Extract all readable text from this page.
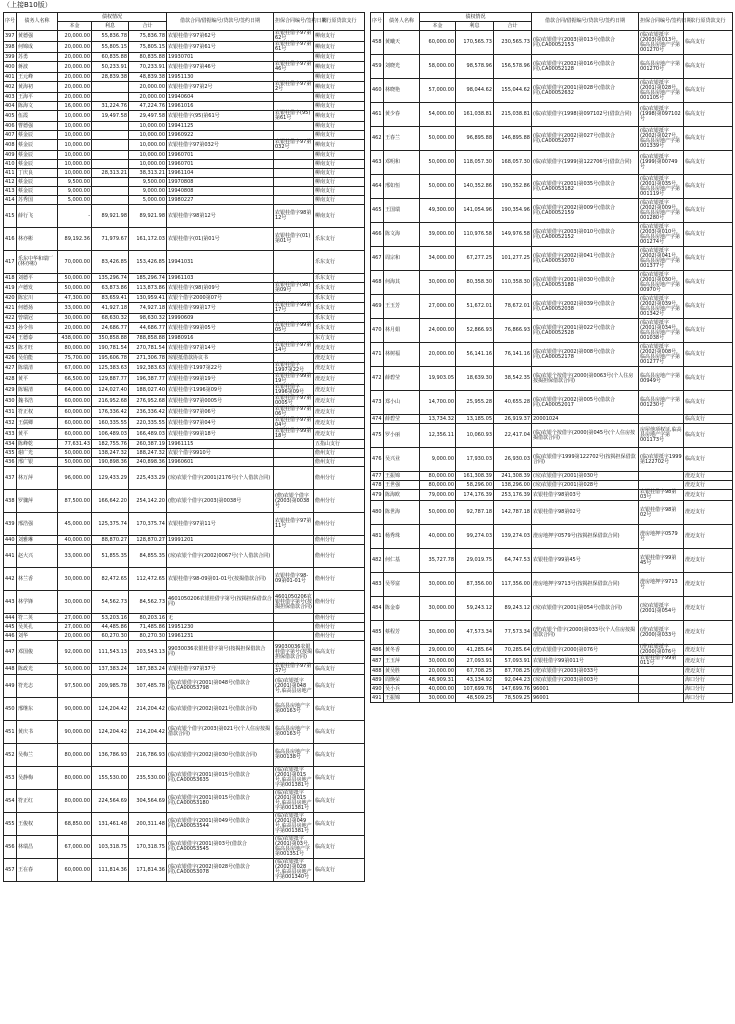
（上接B10版）
序号	债务人名称	债权情况			借款合同/借据编号/贷款号/签约日期	担保合同编号/签约日期	农行原贷款支行
		本金	利息	合计			
397	黄德强	20,000.00	55,836.78	75,836.78	农银桂借字97第62号	农银桂借字97第62号	柳南支行
398	何锦成	20,000.00	55,805.15	75,805.15	农银桂借字97第61号	农银桂借字97第61号	柳南支行
399	苏勇	20,000.00	60,835.88	80,835.88	19930701		柳南支行
400	蒋波	20,000.00	50,233.91	70,233.91	农银桂借字97第46号	农银桂借字97第46号	柳南支行
401	王元峰	20,000.00	28,839.38	48,839.38	19951130		柳南支行
402	黄海初	20,000.00		20,000.00	农银桂借字97第2号	农银桂借字97第2号	柳南支行
403	王海平	20,000.00		20,000.00	19940604		柳南支行
404	陈海文	16,000.00	31,224.76	47,224.76	19961016		柳南支行
405	伍霞	10,000.00	19,497.58	29,497.58	农银桂借字(95)第61号	农银桂借字(95)第61号	柳南支行
406	曹德强	10,000.00		10,000.00	19941125		柳南支行
407	蔡金辰	10,000.00		10,000.00	19960922		柳南支行
408	蔡金辰	10,000.00		10,000.00	农银桂借字97第032号	农银桂借字97第032号	柳南支行
409	蔡金辰	10,000.00		10,000.00	19960701		柳南支行
410	蔡金辰	10,000.00		10,000.00	19960701		柳南支行
411	丁庆良	10,000.00	28,313.21	38,313.21	19961104		柳南支行
412	蔡金辰	9,500.00		9,500.00	19970808		柳南支行
413	蔡金辰	9,000.00		9,000.00	19940808		柳南支行
414	苏秀国	5,000.00		5,000.00	19980227		柳南支行
415	薛行飞	-	89,921.98	89,921.98	农银桂借字98第12号	农银桂借字98第12号	柳南支行
416	林亦彬	89,192.36	71,979.67	161,172.03	农银桂借字(01)第01号	农银桂借字(01)第01号	乐东支行
417	乐东中华和瑞厂(林亦彬)	70,000.00	83,426.85	153,426.85	19941031		乐东支行
418	刘德平	50,000.00	135,296.74	185,296.74	19961103		乐东支行
419	卢德发	50,000.00	63,873.86	113,873.86	农银桂借字(98)第09号	农银桂借字(98)第09号	乐东支行
420	陈宏川	47,300.00	83,659.41	130,959.41	农银个借字2000第07号		乐东支行
421	何德扬	33,000.00	41,927.18	74,927.18	农银桂借字99第17号	农银桂借字99第17号	乐东支行
422	曾瑞冠	30,000.00	68,630.32	98,630.32	19990609		乐东支行
423	孙令伟	20,000.00	24,686.77	44,686.77	农银桂借字99第05号	农银桂借字99第05号	乐东支行
424	王德泰	438,000.00	350,858.88	788,858.88	19980916		东方支行
425	陈才旺	80,000.00	190,781.54	270,781.54	农银桂借字97第14号	农银桂借字97第14号	澄迈支行
426	吴伯能	75,700.00	195,606.78	271,306.78	琼银抵借款协议书		澄迈支行
427	陈瑞清	67,000.00	125,383.63	192,383.63	农银桂借字1997第22号	农银桂借字1997第22号	澄迈支行
428	黄平	66,500.00	129,887.77	196,387.77	农银桂借字99第19号	农银桂借字99第19号	澄迈支行
429	陈锡清	64,000.00	124,027.40	188,027.40	农银桂借字1996第09号	农银桂借字1996第09号	澄迈支行
430	魏书浩	60,000.00	216,952.68	276,952.68	农银桂借字97第0005号	农银桂借字97第0005号	澄迈支行
431	符正权	60,000.00	176,336.42	236,336.42	农银桂借字97第06号	农银桂借字97第06号	澄迈支行
432	王儒卿	60,000.00	160,335.55	220,335.55	农银桂借字97第04号	农银桂借字97第04号	澄迈支行
433	黄平	60,000.00	106,489.03	166,489.03	农银桂借字99第18号	农银桂借字99第18号	澄迈支行
434	陈峰乾	77,631.43	182,755.76	260,387.19	19961115		五指山支行
435	谢广光	50,000.00	138,247.32	188,247.32	农银个借字9910号		儋州支行
436	邢广银	50,000.00	190,898.36	240,898.36	19960601		儋州支行
437	林万萍	96,000.00	129,433.29	225,433.29	(琼)农银个借字(2001)2176号(个人借款合同)		儋州分行
438	罗骤萍	87,500.00	166,642.20	254,142.20	(儋)农银个借字(2003)第0038号	(儋)农银个借字(2003)第0038号	儋州分行
439	邢浩强	45,000.00	125,375.74	170,375.74	农银桂借字97第11号	农银桂借字97第11号	儋州分行
440	刘雅琳	40,000.00	88,870.27	128,870.27	19991201		儋州分行
441	赵大兴	33,000.00	51,855.35	84,855.35	(琼)农银个借字(2002)0067号(个人借款合同)		儋州分行
442	林兰香	30,000.00	82,472.65	112,472.65	农银桂借字98-09第01-01号(按揭借款合同)	农银桂借字98-09第01-01号	儋州分行
443	林学锋	30,000.00	54,562.73	84,562.73	4601050206农银桂借字第号(按揭担保借款合同)	4601050206农银桂借字第号(按揭担保借款合同)	儋州分行
444	符二英	27,000.00	53,203.16	80,203.16	无		儋州分行
445	吴英孔	27,000.00	44,485.86	71,485.86	19951230		儋州分行
446	刘华	20,000.00	60,270.30	80,270.30	19961231		儋州分行
447	邓国俊	92,000.00	111,543.13	203,543.13	99030036农银桂借字第号(按揭担保借款合同)	99030036农银桂借字第号(按揭担保借款合同)	临高支行
448	陈政光	50,000.00	137,383.24	187,383.24	农银桂借字97第37号	农银桂借字97第37号	临高支行
449	符光志	97,500.00	209,985.78	307,485.78	(临)农银借字(2001)第048号(借款合同),CA00053798	(临)农银抵字(2001)第048号,临高县房地产	临高支行
450	邢继东	90,000.00	124,204.42	214,204.42	(临)农银借字(2002)第021号(借款合同)	临高县房地产字第00163号	临高支行
451	黄庆书	90,000.00	124,204.42	214,204.42	(临)农银个借字(2003)第021号(个人住房按揭借款合同)	临高县房地产字第00163号	临高支行
452	吴梅兰	80,000.00	136,786.93	216,786.93	(临)农银借字(2002)第030号(借款合同)	临高县房地产字第00138号	临高支行
453	吴静梅	80,000.00	155,530.00	235,530.00	(临)农银借字(2001)第015号(借款合同),CA00053635	(临)农银抵字(2001)第015号,临高县房地产字第001381号	临高支行
454	符正红	80,000.00	224,564.69	304,564.69	(临)农银借字(2001)第015号(借款合同),CA00053180	(临)农银抵字(2001)第015号,临高县房地产字第001381号	临高支行
455	王俊权	68,850.00	131,461.48	200,311.48	(临)农银借字(2001)第049号(借款合同),CA00053544	(临)农银抵字(2001)第049号,临高县房地产字第001381号	临高支行
456	林瑞昌	67,000.00	103,318.75	170,318.75	(临)农银借字(2001)第03号(借款合同),CA00053545	(临)农银抵字(2001)第03号,临高县房地产字第001351号	临高支行
457	王在春	60,000.00	111,814.36	171,814.36	(临)农银借字(2002)第028号(借款合同),CA00053078	(临)农银抵字(2002)第028号,临高县房地产字第001340号	临高支行
序号	债务人名称	债权情况			借款合同/借据编号/贷款号/签约日期	担保合同编号/签约日期	农行原贷款支行
		本金	利息	合计			
458	黄曦天	60,000.00	170,565.73	230,565.73	(临)农银借字(2003)第013号(借款合同),CA00052153	(临)农银抵字(2003)第013号,临高县房地产字第001270号	临高支行
459	刘晓光	58,000.00	98,578.96	156,578.96	(临)农银借字(2002)第016号(借款合同),CA00052128	临高县房地产字第001270号	临高支行
460	林晓艳	57,000.00	98,044.62	155,044.62	(临)农银借字(2001)第028号(借款合同),CA00052632	(临)农银抵字(2001)第028号,临高县房地产字第001105号	临高支行
461	黄少春	54,000.00	161,038.81	215,038.81	(临)农银借字(1998)第097102号(借款合同)	(临)农银抵字(1998)第097102号	临高支行
462	王春兰	50,000.00	96,895.88	146,895.88	(临)农银借字(2002)第027号(借款合同),CA00052077	(临)农银抵字(2002)第027号,临高县房地产字第001339号	临高支行
463	邓明和	50,000.00	118,057.30	168,057.30	(临)农银借字(1999)第122706号(借款合同)	(临)农银抵字(1999)第00749号	临高支行
464	邢如恒	50,000.00	140,352.86	190,352.86	(临)农银借字(2001)第035号(借款合同),CA00053182	(临)农银抵字(2001)第035号,临高县房地产字第001119号	临高支行
465	王国瑞	49,300.00	141,054.96	190,354.96	(临)农银借字(2002)第009号(借款合同),CA00052159	(临)农银抵字(2002)第009号,临高县房地产字第001280号	临高支行
466	陈文海	39,000.00	110,976.58	149,976.58	(临)农银借字(2003)第010号(借款合同),CA00052152	(临)农银抵字(2003)第010号,临高县房地产字第001274号	临高支行
467	周宗和	34,000.00	67,277.25	101,277.25	(临)农银借字(2002)第041号(借款合同),CA00053070	(临)农银抵字(2002)第041号,临高县房地产字第001377号	临高支行
468	何海其	30,000.00	80,358.30	110,358.30	(临)农银借字(2001)第030号(借款合同),CA00053188	(临)农银抵字(2001)第030号,临高县房地产字第00970号	临高支行
469	王玉芳	27,000.00	51,672.01	78,672.01	(临)农银借字(2002)第039号(借款合同),CA00052038	(临)农银抵字(2002)第039号,临高县房地产字第001342号	临高支行
470	林月娟	24,000.00	52,866.93	76,866.93	(临)农银借字(2001)第022号(借款合同),CA00052528	(临)农银抵字(2001)第034号,临高县房地产字第001038号	临高支行
471	林树福	20,000.00	56,141.16	76,141.16	(临)农银借字(2002)第008号(借款合同),CA00052178	(临)农银抵字(2002)第008号,临高县房地产字第001277号	临高支行
472	薛碧莹	19,903.05	18,639.30	38,542.35	(临)农银个按借字(2000)第0063号(个人住房按揭担保借款合同)	临高县房地产字第00949号	临高支行
473	郑小山	14,700.00	25,955.28	40,655.28	(临)农银借字(2002)第005号(借款合同),CA00052017	临高县房地产字第001230号	临高支行
474	薛碧莹	13,734.32	13,185.05	26,919.37	20001024		临高支行
475	罗小丽	12,356.11	10,060.93	22,417.04	(临)农银个按借字(2000)第045号(个人住房按揭借款合同)	房屋他项权证,临高县房地产字第001173号	临高支行
476	吴兴业	9,000.00	17,930.03	26,930.03	(临)农银借字1999第122702号(按揭担保借款合同)	(临)农银抵字1999第122702号	临高支行
477	王振锦	80,000.00	161,308.39	241,308.39	(琼)农银借字(2001)第030号		澄迈支行
478	王世强	80,000.00	58,296.00	138,296.00	(琼)农银借字(2001)第028号		澄迈支行
479	陈海欧	79,000.00	174,176.39	253,176.39	农银桂借字98第03号	农银桂借字98第03号	澄迈支行
480	陈世海	50,000.00	92,787.18	142,787.18	农银桂借字98第02号	农银桂借字98第02号	澄迈支行
481	杨秀珠	40,000.00	99,274.03	139,274.03	澄房地押字0579号(按揭担保借款合同)	澄房地押字0579号	澄迈支行
482	何仁基	35,727.78	29,019.75	64,747.53	农银桂借字99第45号	农银桂借字99第45号	澄迈支行
483	吴琴富	30,000.00	87,356.00	117,356.00	澄房地押字9713号(按揭担保借款合同)	澄房地押字9713号	澄迈支行
484	陈金泰	30,000.00	59,243.12	89,243.12	(琼)农银借字(2001)第054号(借款合同)	(琼)农银抵字(2001)第054号	澄迈支行
485	蔡程芳	30,000.00	47,573.34	77,573.34	(澄)农银个借字(2000)第033号(个人住房按揭借款合同)	(澄)农银抵字(2000)第033号	澄迈支行
486	黄冬香	29,000.00	41,285.64	70,285.64	(澄)农银借字(2000)第076号	(澄)农银抵字(2000)第076号	澄迈支行
487	王玉萍	30,000.00	27,093.91	57,093.91	农银桂借字99第011号	农银桂借字99第011号	澄迈支行
488	黄吴胜	20,000.00	67,708.25	87,708.25	(澄)农银借字(2003)第033号		澄迈支行
489	周焕荣	48,909.31	43,134.92	92,044.23	(琼)农银借字(2003)第003号		海口分行
490	吴小兵	40,000.00	107,699.76	147,699.76	96001		海口分行
491	王振锦	30,000.00	48,509.25	78,509.25	96001		海口分行
